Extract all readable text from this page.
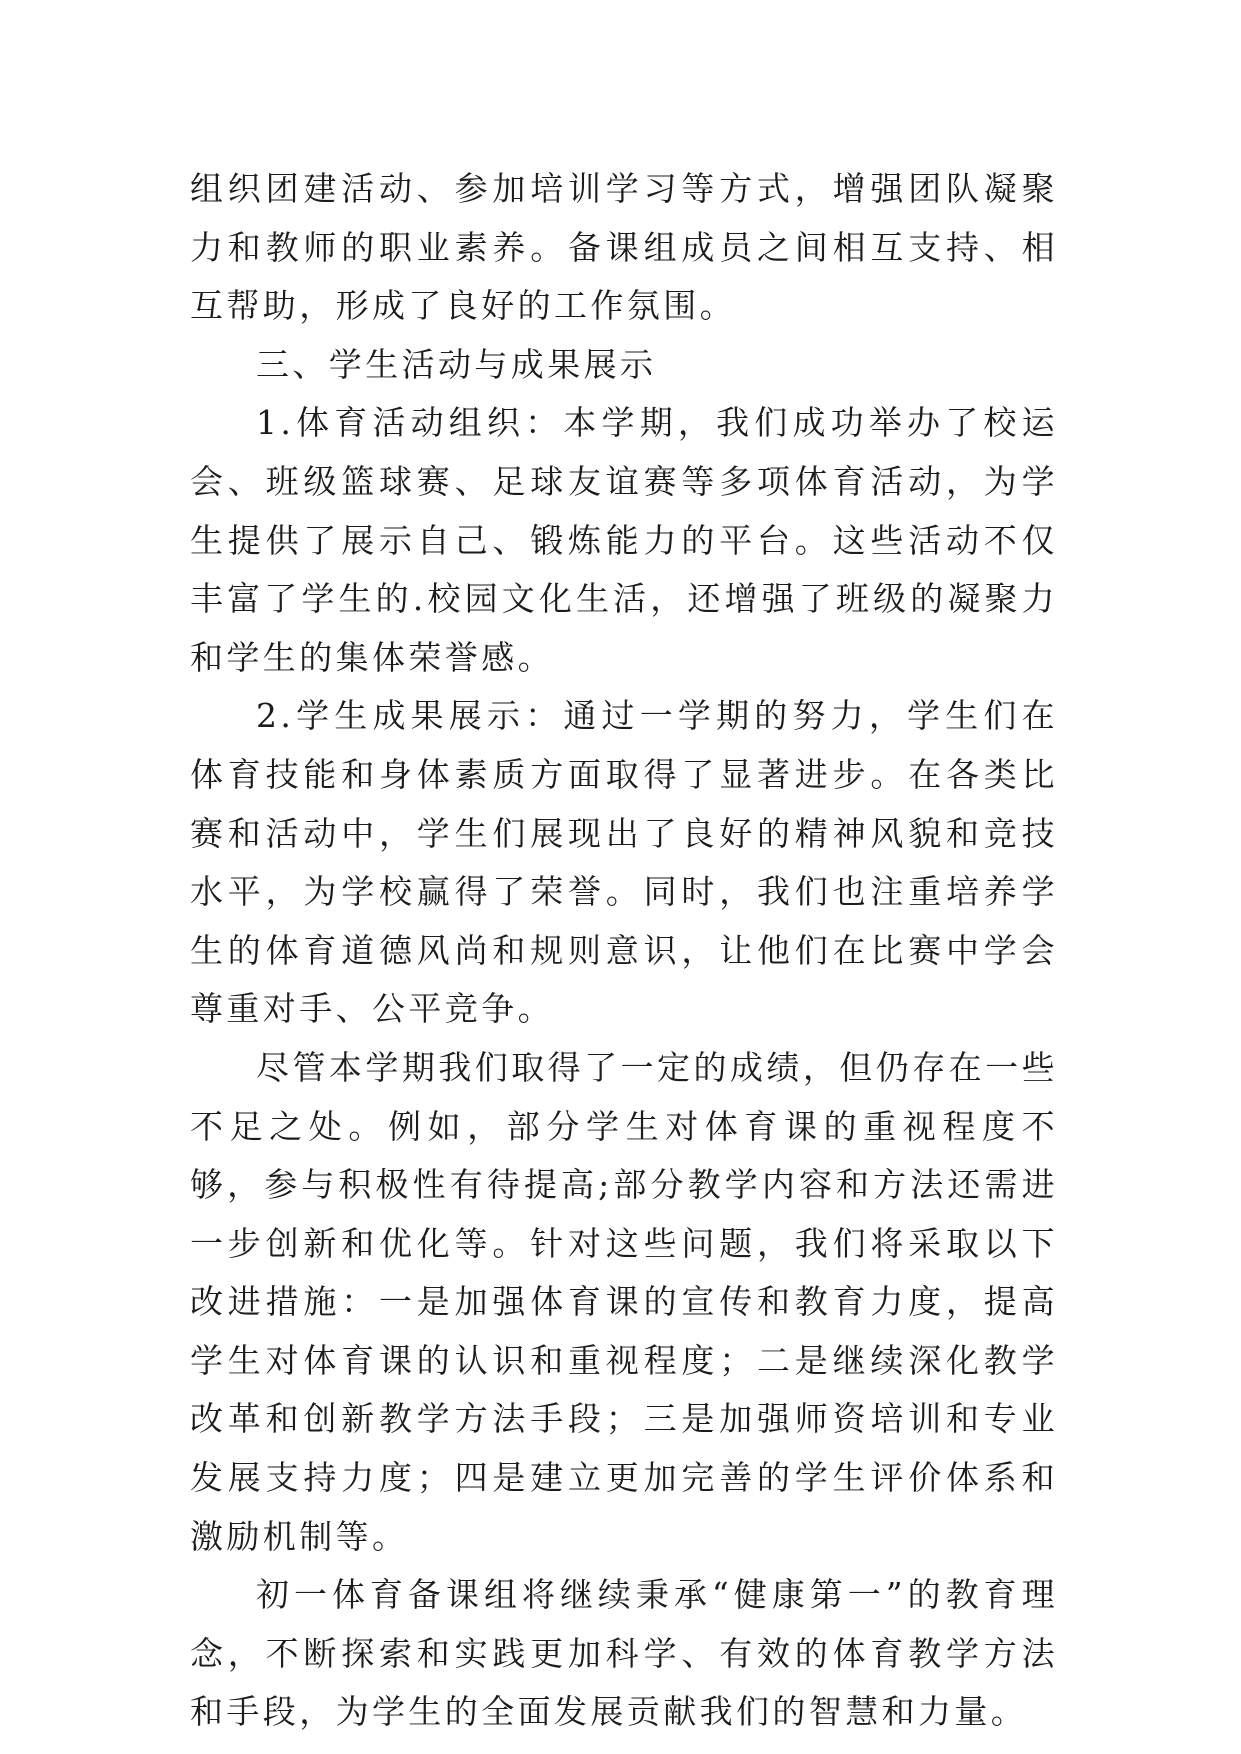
组织团建活动、参加培训学习等方式，增强团队凝聚力和教师的职业素养。备课组成员之间相互支持、相互帮助，形成了良好的工作氛围。

三、学生活动与成果展示

1.体育活动组织：本学期，我们成功举办了校运会、班级篮球赛、足球友谊赛等多项体育活动，为学生提供了展示自己、锻炼能力的平台。这些活动不仅丰富了学生的.校园文化生活，还增强了班级的凝聚力和学生的集体荣誉感。

2.学生成果展示：通过一学期的努力，学生们在体育技能和身体素质方面取得了显著进步。在各类比赛和活动中，学生们展现出了良好的精神风貌和竞技水平，为学校赢得了荣誉。同时，我们也注重培养学生的体育道德风尚和规则意识，让他们在比赛中学会尊重对手、公平竞争。

尽管本学期我们取得了一定的成绩，但仍存在一些不足之处。例如，部分学生对体育课的重视程度不够，参与积极性有待提高;部分教学内容和方法还需进一步创新和优化等。针对这些问题，我们将采取以下改进措施：一是加强体育课的宣传和教育力度，提高学生对体育课的认识和重视程度；二是继续深化教学改革和创新教学方法手段；三是加强师资培训和专业发展支持力度；四是建立更加完善的学生评价体系和激励机制等。

初一体育备课组将继续秉承“健康第一”的教育理念，不断探索和实践更加科学、有效的体育教学方法和手段，为学生的全面发展贡献我们的智慧和力量。
